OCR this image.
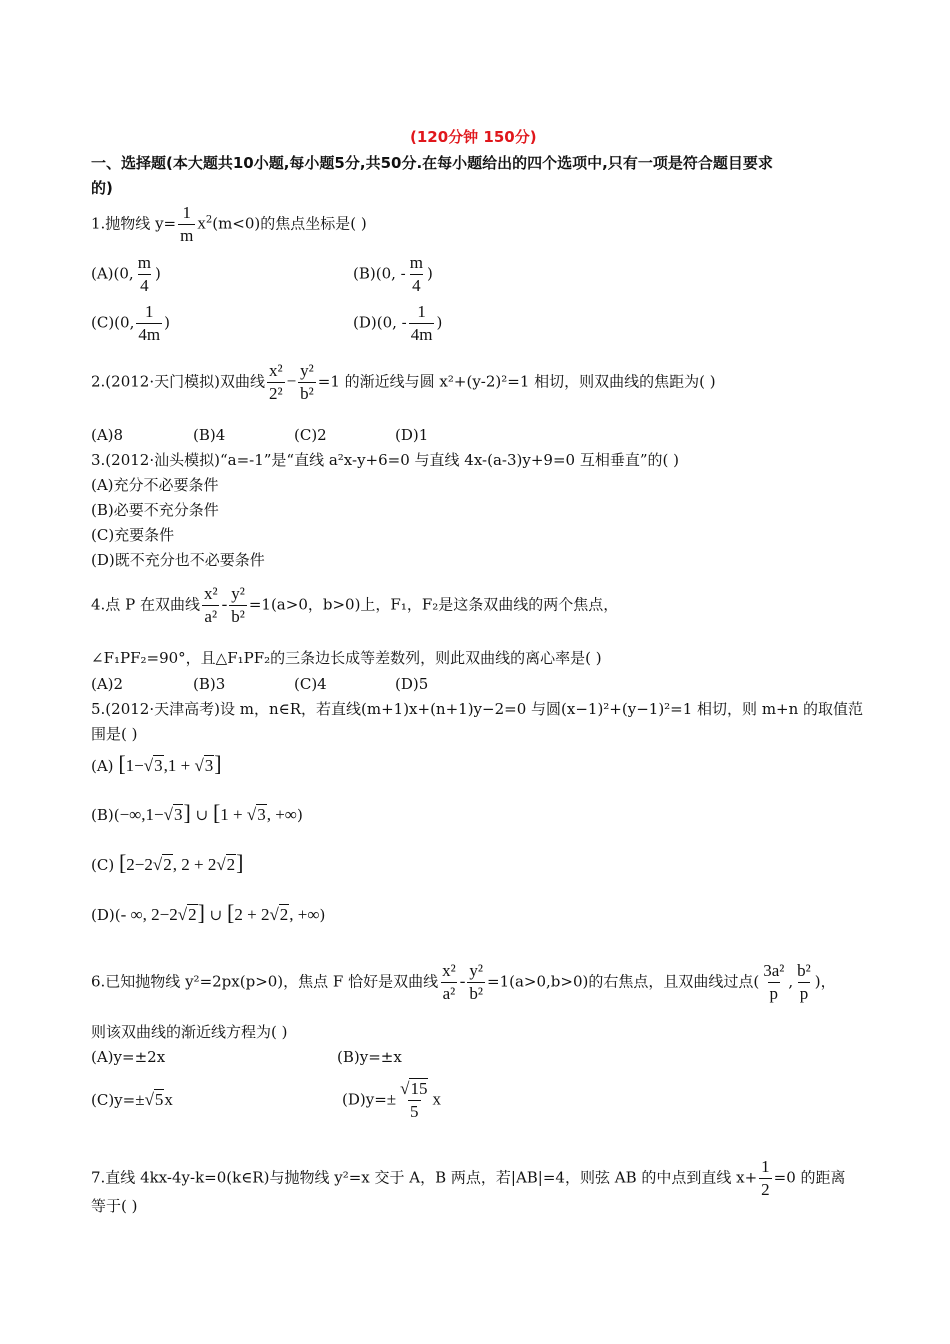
(120分钟 150分)
一、选择题(本大题共10小题,每小题5分,共50分.在每小题给出的四个选项中,只有一项是符合题目要求
的)
1.抛物线 $y= \frac{1}{m} x^2(m<0)$的焦点坐标是( )
(A)(0, $\frac{m}{4}$ )	(B)(0, - $\frac{m}{4}$ )
(C)(0, $\frac{1}{4m}$ )	(D)(0, - $\frac{1}{4m}$ )
2.(2012·天门模拟)双曲线 $\frac{\text{x²}}{\text{2²}} - \frac{\text{y²}}{\text{b²}} =1$ 的渐近线与圆 x²+(y-2)²=1 相切，则双曲线的焦距为( )
(A)8	(B)4	(C)2	(D)1
3.(2012·汕头模拟)“a=-1”是“直线 a²x-y+6=0 与直线 4x-(a-3)y+9=0 互相垂直”的( )
(A)充分不必要条件
(B)必要不充分条件
(C)充要条件
(D)既不充分也不必要条件
4.点 P 在双曲线 $\frac{\text{x²}}{\text{a²}} - \frac{\text{y²}}{\text{b²}} =1(a>0$，b>0)上，F₁，F₂是这条双曲线的两个焦点，
∠F₁PF₂=90°，且△F₁PF₂的三条边长成等差数列，则此双曲线的离心率是( )
(A)2	(B)3	(C)4	(D)5
5.(2012·天津高考)设 m，n∈R，若直线(m+1)x+(n+1)y−2=0 与圆(x−1)²+(y−1)²=1 相切，则 m+n 的取值范
围是( )
(A) [1−√3,1 + √3]
(B)(−∞,1−√3] ∪ [1 + √3, +∞)
(C) [2−2√2, 2 + 2√2]
(D)(- ∞, 2−2√2] ∪ [2 + 2√2, +∞)
6.已知抛物线 y²=2px(p>0)，焦点 F 恰好是双曲线 $\frac{\text{x²}}{\text{a²}} - \frac{\text{y²}}{\text{b²}} =1(a>0,b>0)$的右焦点，且双曲线过点( $\frac{\text{3a²}}{p}$ , $\frac{\text{b²}}{p}$ )，
则该双曲线的渐近线方程为( )
(A)y=±2x	(B)y=±x
(C)y=±√5x	$(D)y=\pm \frac{√15}{5}$ x
7.直线 4kx-4y-k=0(k∈R)与抛物线 y²=x 交于 A，B 两点，若|AB|=4，则弦 AB 的中点到直线 $x+ \frac{1}{2} =0$ 的距离
等于( )
